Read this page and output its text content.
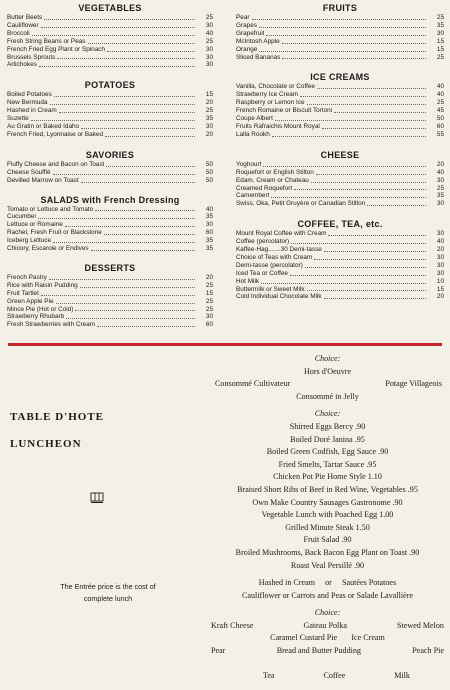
VEGETABLES
Butter Beets	25
Cauliflower	30
Broccoli	40
Fresh String Beans or Peas	25
French Fried Egg Plant or Spinach	30
Brussels Sprouts	30
Artichokes	30
POTATOES
Boiled Potatoes	15
New Bermuda	20
Hashed in Cream	25
Suzette	35
Au Gratin or Baked Idaho	30
French Fried, Lyonnaise or Baked	20
SAVORIES
Fluffy Cheese and Bacon on Toast	50
Cheese Soufflé	50
Devilled Marrow on Toast	50
SALADS with French Dressing
Tomato or Lettuce and Tomato	40
Cucumber	35
Lettuce or Romaine	30
Rachel, Fresh Fruit or Blackstone	60
Iceberg Lettuce	35
Chicory, Escarole or Endives	35
DESSERTS
French Pastry	20
Rice with Raisin Pudding	25
Fruit Tartlet	15
Green Apple Pie	25
Mince Pie (Hot or Cold)	25
Strawberry Rhubarb	30
Fresh Strawberries with Cream	60
FRUITS
Pear	25
Grapes	35
Grapefruit	30
McIntosh Apple	15
Orange	15
Sliced Bananas	25
ICE CREAMS
Vanilla, Chocolate or Coffee	40
Strawberry Ice Cream	40
Raspberry or Lemon Ice	25
French Romaine or Biscuit Tortoni	45
Coupe Albert	50
Fruits Rafraichis Mount Royal	60
Lalla Rookh	55
CHEESE
Yoghourt	20
Roquefort or English Stilton	40
Edam, Cream or Chateau	30
Creamed Roquefort	25
Camembert	35
Swiss, Oka, Petit Gruyère or Canadian Stilton	30
COFFEE, TEA, etc.
Mount Royal Coffee with Cream	30
Coffee (percolator)	40
Kaffee-Hag.......30 Demi-tasse	20
Choice of Teas with Cream	30
Demi-tasse (percolator)	30
Iced Tea or Coffee	30
Hot Milk	10
Buttermilk or Sweet Milk	15
Cold Individual Chocolate Milk	20
TABLE D'HOTE
LUNCHEON
The Entrée price is the cost of
complete lunch
Choice:
Hors d'Oeuvre
Consommé Cultivateur	Potage Villageois
Consommé in Jelly
Choice:
Shirred Eggs Bercy .90
Boiled Doré Janina .95
Boiled Green Codfish, Egg Sauce .90
Fried Smelts, Tartar Sauce .95
Chicken Pot Pie Home Style 1.10
Braised Short Ribs of Beef in Red Wine, Vegetables .95
Own Make Country Sausages Gastronome .90
Vegetable Lunch with Poached Egg 1.00
Grilled Minute Steak 1.50
Fruit Salad .90
Broiled Mushrooms, Back Bacon Egg Plant on Toast .90
Roast Veal Persillé .90
Hashed in Cream or Sautées Potatoes
Cauliflower or Carrots and Peas or Salade Lavallière
Choice:
Kraft Cheese	Gateau Polka	Stewed Melon
Caramel Custard Pie Ice Cream
Pear	Bread and Butter Pudding	Peach Pie
Tea	Coffee	Milk
